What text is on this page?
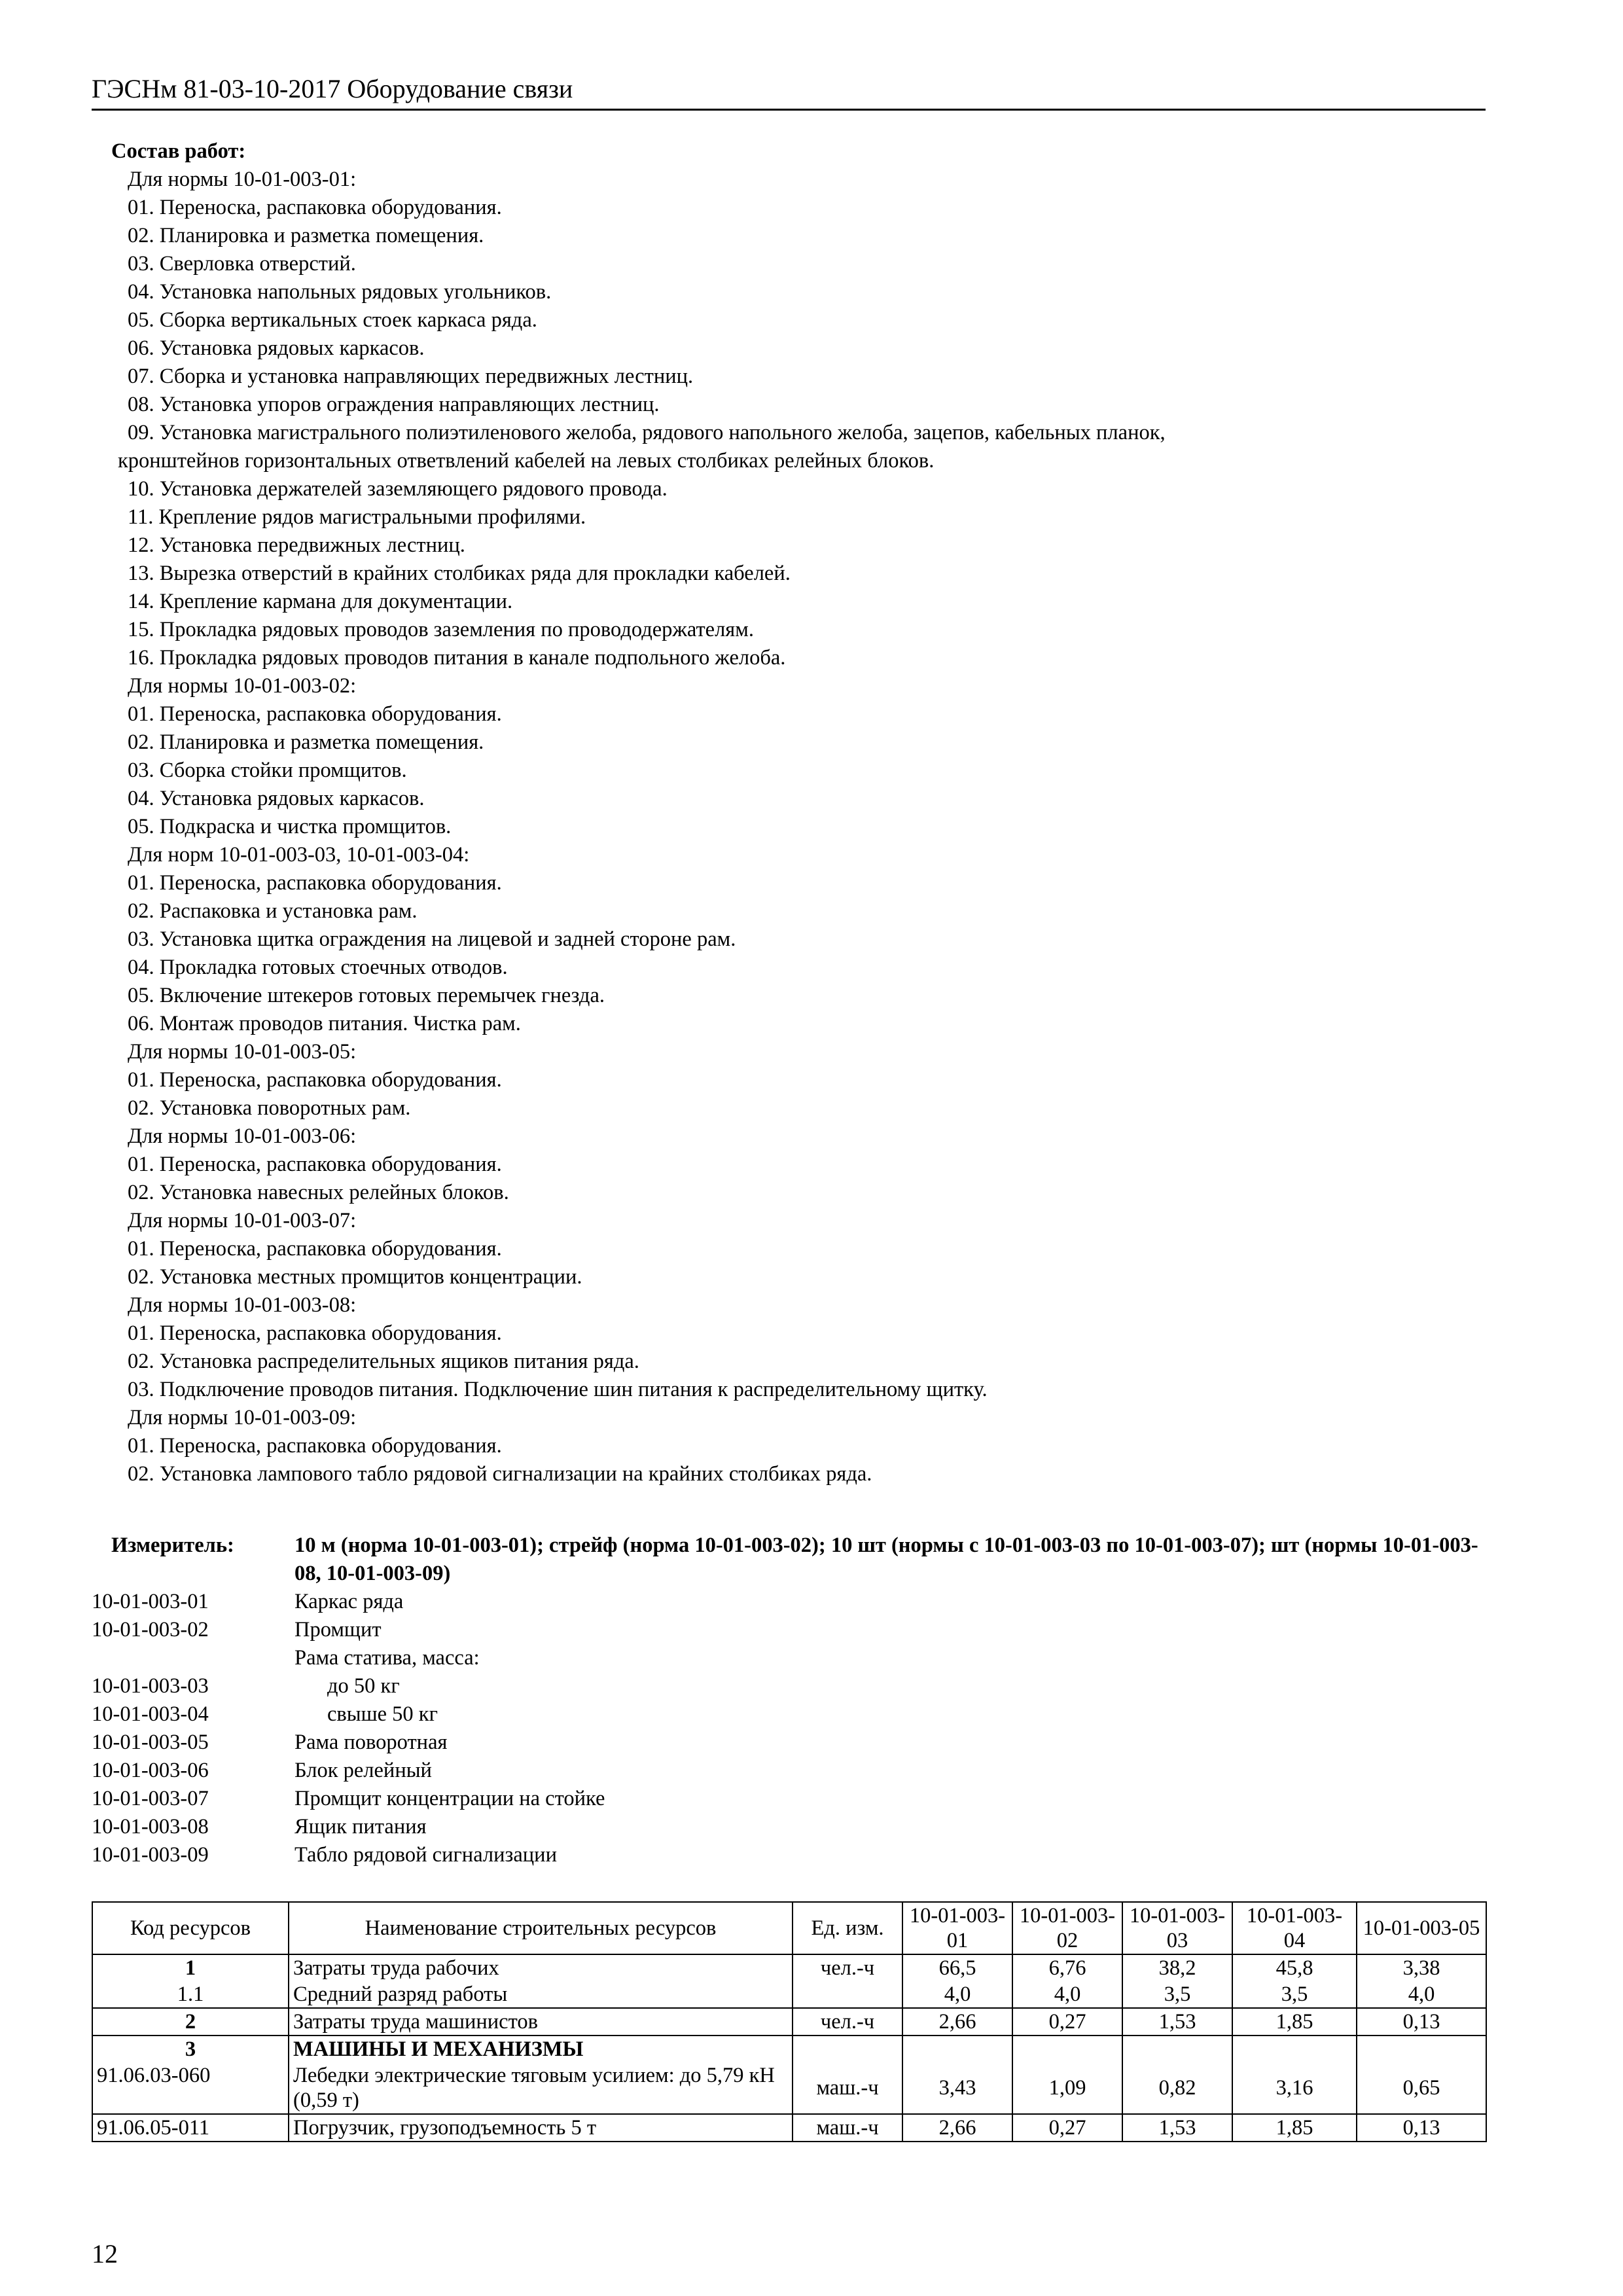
ГЭСНм 81-03-10-2017 Оборудование связи
Состав работ:
Для нормы 10-01-003-01:
01. Переноска, распаковка оборудования.
02. Планировка и разметка помещения.
03. Сверловка отверстий.
04. Установка напольных рядовых угольников.
05. Сборка вертикальных стоек каркаса ряда.
06. Установка рядовых каркасов.
07. Сборка и установка направляющих передвижных лестниц.
08. Установка упоров ограждения направляющих лестниц.
09. Установка магистрального полиэтиленового желоба, рядового напольного желоба, зацепов, кабельных планок,
кронштейнов горизонтальных ответвлений кабелей на левых столбиках релейных блоков.
10. Установка держателей заземляющего рядового провода.
11. Крепление рядов магистральными профилями.
12. Установка передвижных лестниц.
13. Вырезка отверстий в крайних столбиках ряда для прокладки кабелей.
14. Крепление кармана для документации.
15. Прокладка рядовых проводов заземления по провододержателям.
16. Прокладка рядовых проводов питания в канале подпольного желоба.
Для нормы 10-01-003-02:
01. Переноска, распаковка оборудования.
02. Планировка и разметка помещения.
03. Сборка стойки промщитов.
04. Установка рядовых каркасов.
05. Подкраска и чистка промщитов.
Для норм 10-01-003-03, 10-01-003-04:
01. Переноска, распаковка оборудования.
02. Распаковка и установка рам.
03. Установка щитка ограждения на лицевой и задней стороне рам.
04. Прокладка готовых стоечных отводов.
05. Включение штекеров готовых перемычек гнезда.
06. Монтаж проводов питания. Чистка рам.
Для нормы 10-01-003-05:
01. Переноска, распаковка оборудования.
02. Установка поворотных рам.
Для нормы 10-01-003-06:
01. Переноска, распаковка оборудования.
02. Установка навесных релейных блоков.
Для нормы 10-01-003-07:
01. Переноска, распаковка оборудования.
02. Установка местных промщитов концентрации.
Для нормы 10-01-003-08:
01. Переноска, распаковка оборудования.
02. Установка распределительных ящиков питания ряда.
03. Подключение проводов питания. Подключение шин питания к распределительному щитку.
Для нормы 10-01-003-09:
01. Переноска, распаковка оборудования.
02. Установка лампового табло рядовой сигнализации на крайних столбиках ряда.
Измеритель:	10 м (норма 10-01-003-01); стрейф (норма 10-01-003-02); 10 шт (нормы с 10-01-003-03 по 10-01-003-07); шт (нормы 10-01-003-08, 10-01-003-09)
10-01-003-01	Каркас ряда
10-01-003-02	Промщит
Рама статива, масса:
10-01-003-03	до 50 кг
10-01-003-04	свыше 50 кг
10-01-003-05	Рама поворотная
10-01-003-06	Блок релейный
10-01-003-07	Промщит концентрации на стойке
10-01-003-08	Ящик питания
10-01-003-09	Табло рядовой сигнализации
Код ресурсов	Наименование строительных ресурсов	Ед. изм.	10-01-003-01	10-01-003-02	10-01-003-03	10-01-003-04	10-01-003-05
1	Затраты труда рабочих	чел.-ч	66,5	6,76	38,2	45,8	3,38
1.1	Средний разряд работы		4,0	4,0	3,5	3,5	4,0
2	Затраты труда машинистов	чел.-ч	2,66	0,27	1,53	1,85	0,13
3	МАШИНЫ И МЕХАНИЗМЫ						
91.06.03-060	Лебедки электрические тяговым усилием: до 5,79 кН (0,59 т)	маш.-ч	3,43	1,09	0,82	3,16	0,65
91.06.05-011	Погрузчик, грузоподъемность 5 т	маш.-ч	2,66	0,27	1,53	1,85	0,13
12
